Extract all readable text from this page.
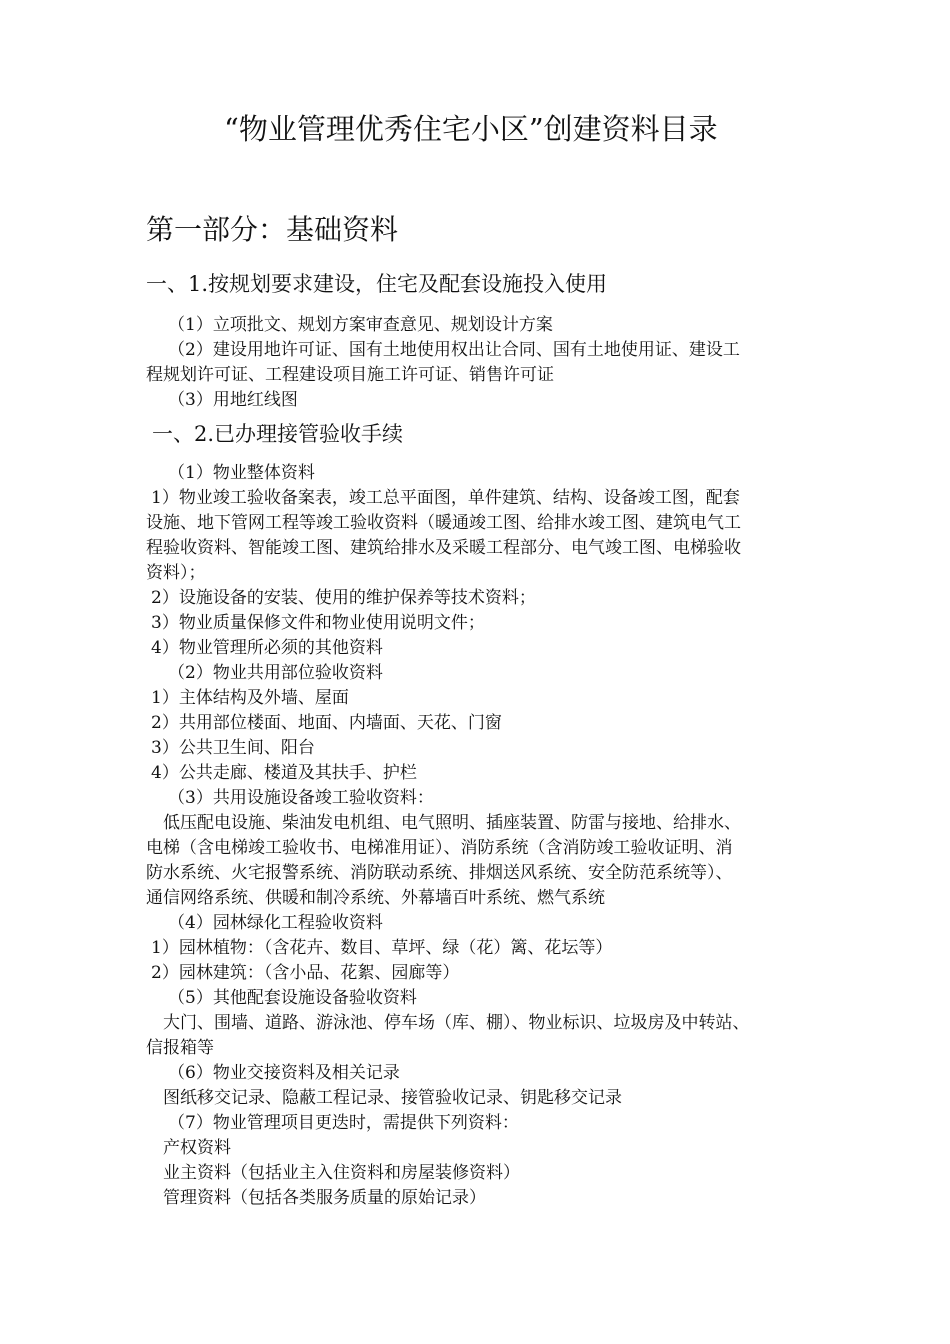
“物业管理优秀住宅小区”创建资料目录
第一部分：基础资料
一、1.按规划要求建设，住宅及配套设施投入使用
（1）立项批文、规划方案审查意见、规划设计方案
（2）建设用地许可证、国有土地使用权出让合同、国有土地使用证、建设工
程规划许可证、工程建设项目施工许可证、销售许可证
（3）用地红线图
一、2.已办理接管验收手续
（1）物业整体资料
1）物业竣工验收备案表，竣工总平面图，单件建筑、结构、设备竣工图，配套
设施、地下管网工程等竣工验收资料（暖通竣工图、给排水竣工图、建筑电气工
程验收资料、智能竣工图、建筑给排水及采暖工程部分、电气竣工图、电梯验收
资料）；
2）设施设备的安装、使用的维护保养等技术资料；
3）物业质量保修文件和物业使用说明文件；
4）物业管理所必须的其他资料
（2）物业共用部位验收资料
1）主体结构及外墙、屋面
2）共用部位楼面、地面、内墙面、天花、门窗
3）公共卫生间、阳台
4）公共走廊、楼道及其扶手、护栏
（3）共用设施设备竣工验收资料：
低压配电设施、柴油发电机组、电气照明、插座装置、防雷与接地、给排水、
电梯（含电梯竣工验收书、电梯准用证）、消防系统（含消防竣工验收证明、消
防水系统、火宅报警系统、消防联动系统、排烟送风系统、安全防范系统等）、
通信网络系统、供暖和制冷系统、外幕墙百叶系统、燃气系统
（4）园林绿化工程验收资料
1）园林植物：（含花卉、数目、草坪、绿（花）篱、花坛等）
2）园林建筑：（含小品、花絮、园廊等）
（5）其他配套设施设备验收资料
大门、围墙、道路、游泳池、停车场（库、棚）、物业标识、垃圾房及中转站、
信报箱等
（6）物业交接资料及相关记录
图纸移交记录、隐蔽工程记录、接管验收记录、钥匙移交记录
（7）物业管理项目更迭时，需提供下列资料：
产权资料
业主资料（包括业主入住资料和房屋装修资料）
管理资料（包括各类服务质量的原始记录）
